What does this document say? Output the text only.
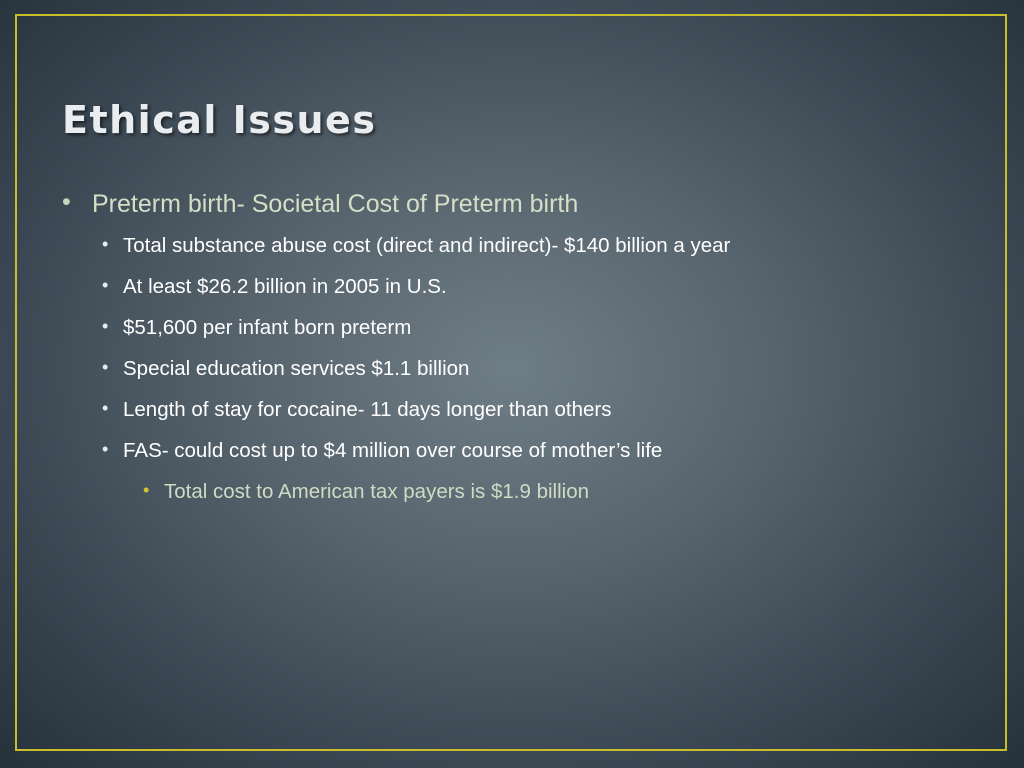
Ethical Issues
• Preterm birth- Societal Cost of Preterm birth
• Total substance abuse cost (direct and indirect)- $140 billion a year
• At least $26.2 billion in 2005 in U.S.
• $51,600 per infant born preterm
• Special education services $1.1 billion
• Length of stay for cocaine- 11 days longer than others
• FAS- could cost up to $4 million over course of mother’s life
• Total cost to American tax payers is $1.9 billion
